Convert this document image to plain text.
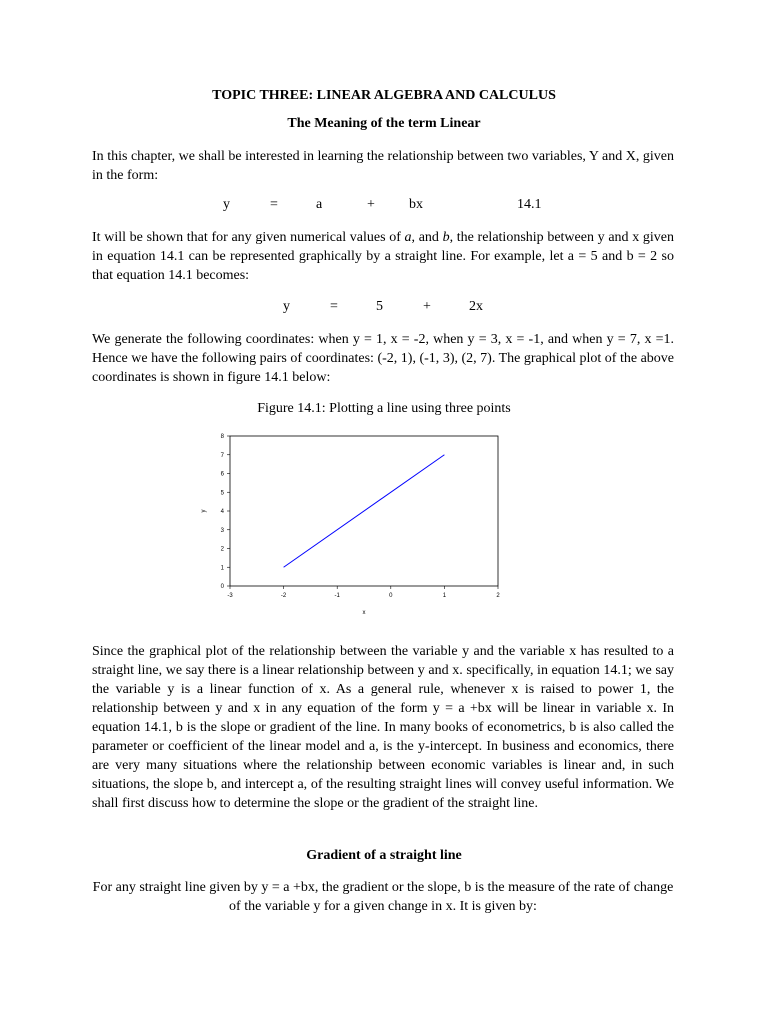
TOPIC THREE: LINEAR ALGEBRA AND CALCULUS
The Meaning of the term Linear
In this chapter, we shall be interested in learning the relationship between two variables, Y and X, given in the form:
y	=	a	+ bx	14.1
It will be shown that for any given numerical values of a, and b, the relationship between y and x given in equation 14.1 can be represented graphically by a straight line. For example, let a = 5 and b = 2 so that equation 14.1 becomes:
y	=	5	+	2x
We generate the following coordinates: when y = 1, x = -2, when y = 3, x = -1, and when y = 7, x =1. Hence we have the following pairs of coordinates: (-2, 1), (-1, 3), (2, 7). The graphical plot of the above coordinates is shown in figure 14.1 below:
Figure 14.1: Plotting a line using three points
0
1
2
3
4
5
6
7
8
-3	-2	-1	0	1	2
x
y
Since the graphical plot of the relationship between the variable y and the variable x has resulted to a straight line, we say there is a linear relationship between y and x. specifically, in equation 14.1; we say the variable y is a linear function of x. As a general rule, whenever x is raised to power 1, the relationship between y and x in any equation of the form y = a +bx will be linear in variable x. In equation 14.1, b is the slope or gradient of the line. In many books of econometrics, b is also called the parameter or coefficient of the linear model and a, is the y-intercept. In business and economics, there are very many situations where the relationship between economic variables is linear and, in such situations, the slope b, and intercept a, of the resulting straight lines will convey useful information. We shall first discuss how to determine the slope or the gradient of the straight line.
Gradient of a straight line
For any straight line given by y = a +bx, the gradient or the slope, b is the measure of the rate of change of the variable y for a given change in x. It is given by:
